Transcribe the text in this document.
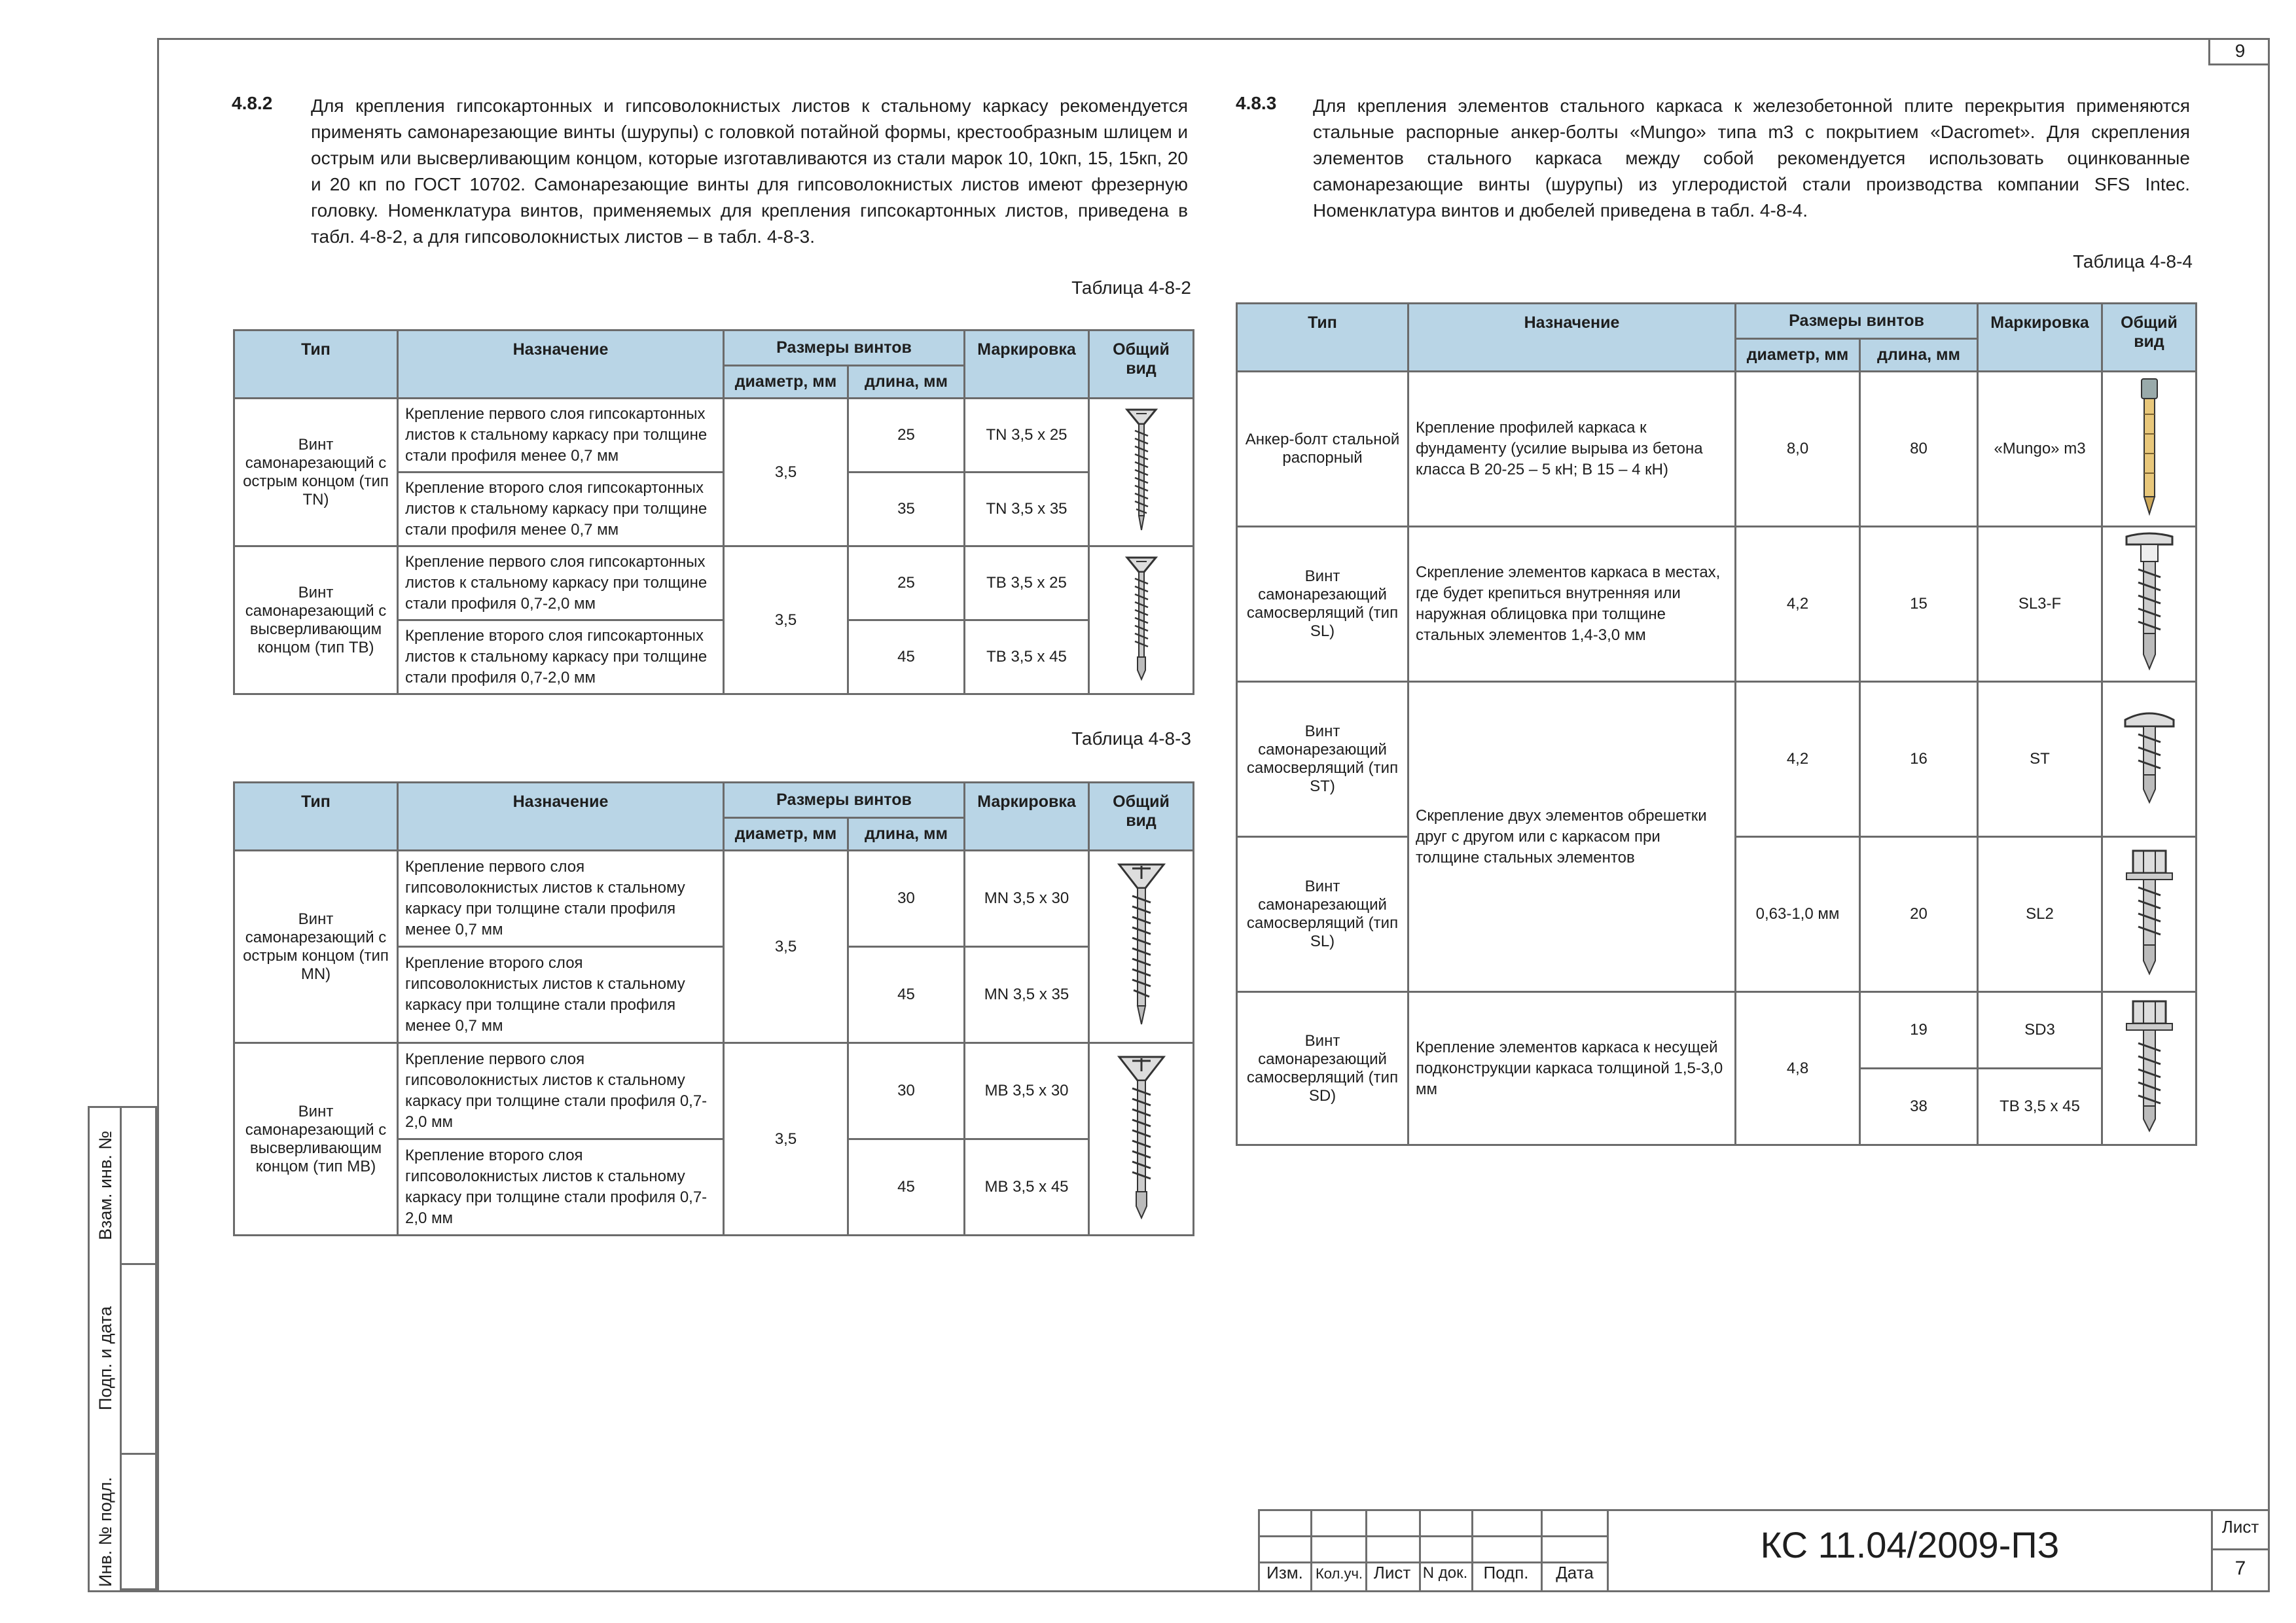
9
Взам. инв. №
Подп. и дата
Инв. № подл.
4.8.2 Для крепления гипсокартонных и гипсоволокнистых листов к стальному каркасу рекомендуется применять самонарезающие винты (шурупы) с головкой потайной формы, крестообразным шлицем и острым или высверливающим концом, которые изготавливаются из стали марок 10, 10кп, 15, 15кп, 20 и 20 кп по ГОСТ 10702. Самонарезающие винты для гипсоволокнистых листов имеют фрезерную головку. Номенклатура винтов, применяемых для крепления гипсокартонных листов, приведена в табл. 4-8-2, а для гипсоволокнистых листов – в табл. 4-8-3.
4.8.3 Для крепления элементов стального каркаса к железобетонной плите перекрытия применяются стальные распорные анкер-болты «Mungo» типа m3 с покрытием «Dacromet». Для скрепления элементов стального каркаса между собой рекомендуется использовать оцинкованные самонарезающие винты (шурупы) из углеродистой стали производства компании SFS Intec. Номенклатура винтов и дюбелей приведена в табл. 4-8-4.
Таблица 4-8-2
Тип	Назначение	Размеры винтов		Маркировка	Общий вид
		диаметр, мм	длина, мм		
Винт самонарезающий с острым концом (тип TN)	Крепление первого слоя гипсокартонных листов к стальному каркасу при толщине стали профиля менее 0,7 мм	3,5	25	TN 3,5 x 25	
	Крепление второго слоя гипсокартонных листов к стальному каркасу при толщине стали профиля менее 0,7 мм		35	TN 3,5 x 35	
Винт самонарезающий с высверливающим концом (тип ТВ)	Крепление первого слоя гипсокартонных листов к стальному каркасу при толщине стали профиля 0,7-2,0 мм	3,5	25	TB 3,5 x 25	
	Крепление второго слоя гипсокартонных листов к стальному каркасу при толщине стали профиля 0,7-2,0 мм		45	TB 3,5 x 45	
Таблица 4-8-3
Тип	Назначение	Размеры винтов		Маркировка	Общий вид
		диаметр, мм	длина, мм		
Винт самонарезающий с острым концом (тип MN)	Крепление первого слоя гипсоволокнистых листов к стальному каркасу при толщине стали профиля менее 0,7 мм	3,5	30	MN 3,5 x 30	
	Крепление второго слоя гипсоволокнистых листов к стальному каркасу при толщине стали профиля менее 0,7 мм		45	MN 3,5 x 35	
Винт самонарезающий с высверливающим концом (тип МВ)	Крепление первого слоя гипсоволокнистых листов к стальному каркасу при толщине стали профиля 0,7-2,0 мм	3,5	30	MB 3,5 x 30	
	Крепление второго слоя гипсоволокнистых листов к стальному каркасу при толщине стали профиля 0,7-2,0 мм		45	MB 3,5 x 45	
Таблица 4-8-4
Тип	Назначение	Размеры винтов		Маркировка	Общий вид
		диаметр, мм	длина, мм		
Анкер-болт стальной распорный	Крепление профилей каркаса к фундаменту (усилие вырыва из бетона класса В 20-25 – 5 кН; В 15 – 4 кН)	8,0	80	«Mungo» m3	
Винт самонарезающий самосверлящий (тип SL)	Скрепление элементов каркаса в местах, где будет крепиться внутренняя или наружная облицовка при толщине стальных элементов 1,4-3,0 мм	4,2	15	SL3-F	
Винт самонарезающий самосверлящий (тип ST)	Скрепление двух элементов обрешетки друг с другом или с каркасом при толщине стальных элементов	4,2	16	ST	
Винт самонарезающий самосверлящий (тип SL)		0,63-1,0 мм	20	SL2	
Винт самонарезающий самосверлящий (тип SD)	Крепление элементов каркаса к несущей подконструкции каркаса толщиной 1,5-3,0 мм	4,8	19	SD3	
			38	TB 3,5 x 45	
Изм. Кол.уч. Лист N док. Подп.	Дата
КС 11.04/2009-ПЗ	Лист
7
